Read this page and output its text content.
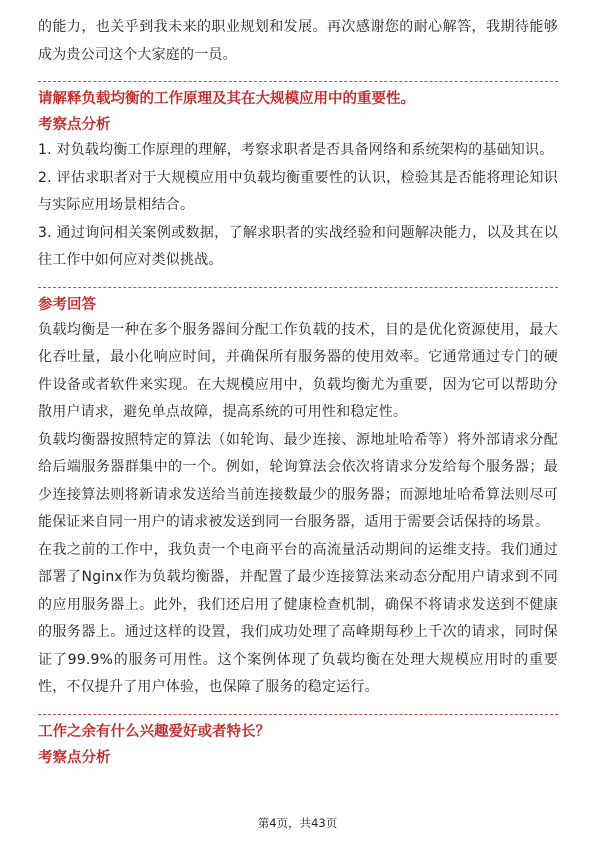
的能力，也关乎到我未来的职业规划和发展。再次感谢您的耐心解答，我期待能够成为贵公司这个大家庭的一员。

请解释负载均衡的工作原理及其在大规模应用中的重要性。

考察点分析

1. 对负载均衡工作原理的理解，考察求职者是否具备网络和系统架构的基础知识。

2. 评估求职者对于大规模应用中负载均衡重要性的认识，检验其是否能将理论知识与实际应用场景相结合。

3. 通过询问相关案例或数据，了解求职者的实战经验和问题解决能力，以及其在以往工作中如何应对类似挑战。

参考回答

负载均衡是一种在多个服务器间分配工作负载的技术，目的是优化资源使用，最大化吞吐量，最小化响应时间，并确保所有服务器的使用效率。它通常通过专门的硬件设备或者软件来实现。在大规模应用中，负载均衡尤为重要，因为它可以帮助分散用户请求，避免单点故障，提高系统的可用性和稳定性。

负载均衡器按照特定的算法（如轮询、最少连接、源地址哈希等）将外部请求分配给后端服务器群集中的一个。例如，轮询算法会依次将请求分发给每个服务器；最少连接算法则将新请求发送给当前连接数最少的服务器；而源地址哈希算法则尽可能保证来自同一用户的请求被发送到同一台服务器，适用于需要会话保持的场景。

在我之前的工作中，我负责一个电商平台的高流量活动期间的运维支持。我们通过部署了Nginx作为负载均衡器，并配置了最少连接算法来动态分配用户请求到不同的应用服务器上。此外，我们还启用了健康检查机制，确保不将请求发送到不健康的服务器上。通过这样的设置，我们成功处理了高峰期每秒上千次的请求，同时保证了99.9%的服务可用性。这个案例体现了负载均衡在处理大规模应用时的重要性，不仅提升了用户体验，也保障了服务的稳定运行。

工作之余有什么兴趣爱好或者特长？

考察点分析

第4页，共43页
